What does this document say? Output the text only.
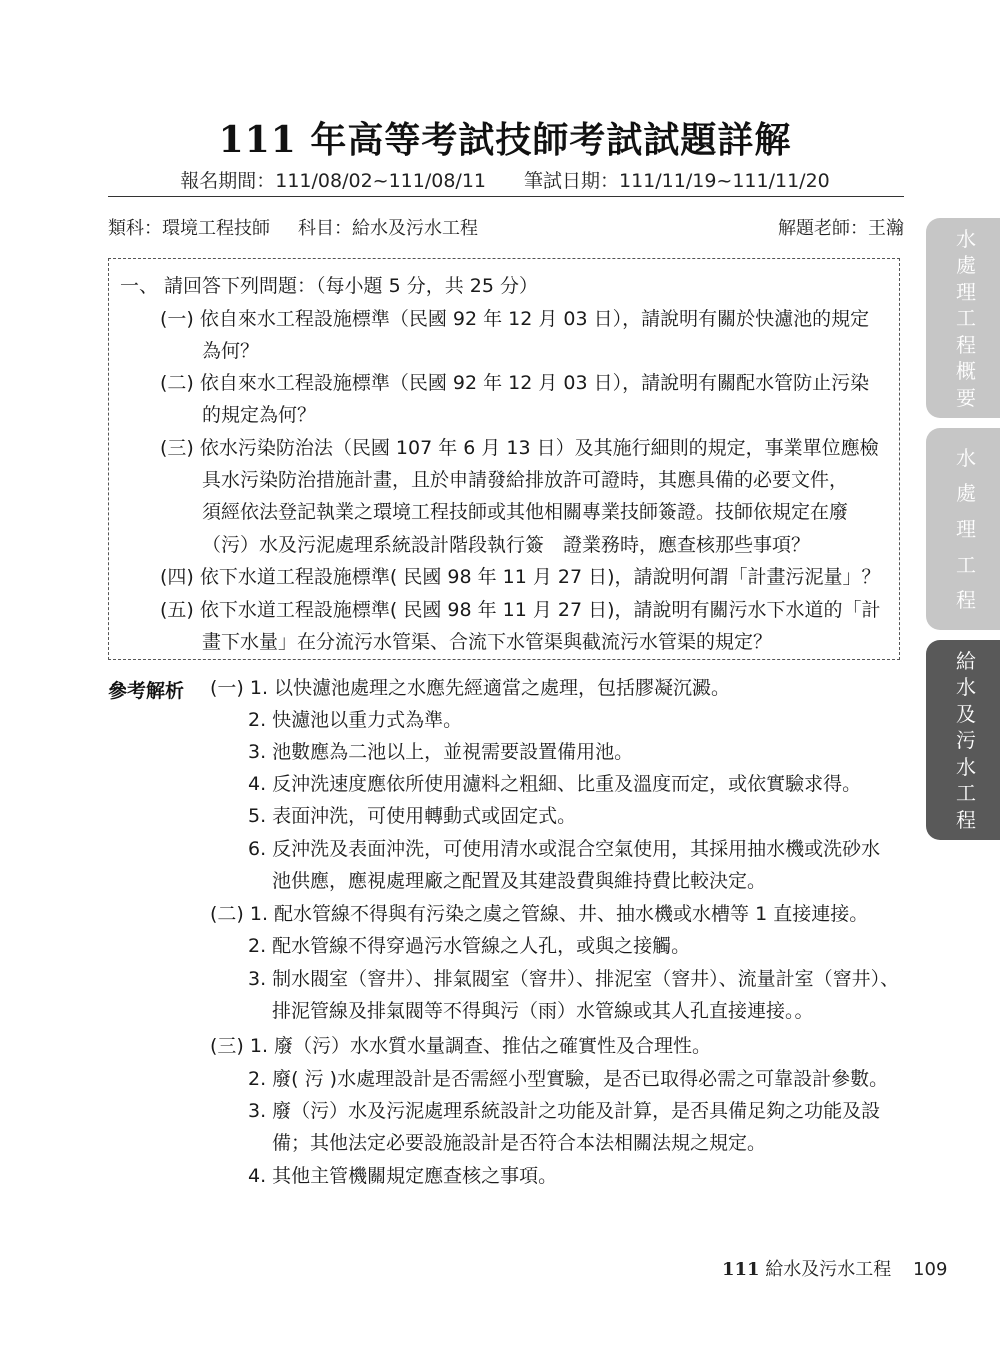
111 年高等考試技師考試試題詳解
報名期間：111/08/02~111/08/11 筆試日期：111/11/19~111/11/20
類科：環境工程技師 科目：給水及污水工程	解題老師：王瀚
一、 請回答下列問題：（每小題 5 分，共 25 分）
(一) 依自來水工程設施標準（民國 92 年 12 月 03 日），請說明有關於快濾池的規定
為何？
(二) 依自來水工程設施標準（民國 92 年 12 月 03 日），請說明有關配水管防止污染
的規定為何？
(三) 依水污染防治法（民國 107 年 6 月 13 日）及其施行細則的規定，事業單位應檢
具水污染防治措施計畫，且於申請發給排放許可證時，其應具備的必要文件，
須經依法登記執業之環境工程技師或其他相關專業技師簽證。技師依規定在廢
（污）水及污泥處理系統設計階段執行簽　證業務時，應查核那些事項？
(四) 依下水道工程設施標準( 民國 98 年 11 月 27 日)，請說明何謂「計畫污泥量」？
(五) 依下水道工程設施標準( 民國 98 年 11 月 27 日)，請說明有關污水下水道的「計
畫下水量」在分流污水管渠、合流下水管渠與截流污水管渠的規定？
參考解析 (一) 1. 以快濾池處理之水應先經適當之處理，包括膠凝沉澱。
2. 快濾池以重力式為準。
3. 池數應為二池以上，並視需要設置備用池。
4. 反沖洗速度應依所使用濾料之粗細、比重及溫度而定，或依實驗求得。
5. 表面沖洗，可使用轉動式或固定式。
6. 反沖洗及表面沖洗，可使用清水或混合空氣使用，其採用抽水機或洗砂水
池供應，應視處理廠之配置及其建設費與維持費比較決定。
(二) 1. 配水管線不得與有污染之虞之管線、井、抽水機或水槽等 1 直接連接。
2. 配水管線不得穿過污水管線之人孔，或與之接觸。
3. 制水閥室（窨井）、排氣閥室（窨井）、排泥室（窨井）、流量計室（窨井）、
排泥管線及排氣閥等不得與污（雨）水管線或其人孔直接連接。。
(三) 1. 廢（污）水水質水量調查、推估之確實性及合理性。
2. 廢( 污 )水處理設計是否需經小型實驗，是否已取得必需之可靠設計參數。
3. 廢（污）水及污泥處理系統設計之功能及計算，是否具備足夠之功能及設
備；其他法定必要設施設計是否符合本法相關法規之規定。
4. 其他主管機關規定應查核之事項。
111 給水及污水工程 109
水
處
理
工
程
概
要
水
處
理
工
程
給
水
及
污
水
工
程
